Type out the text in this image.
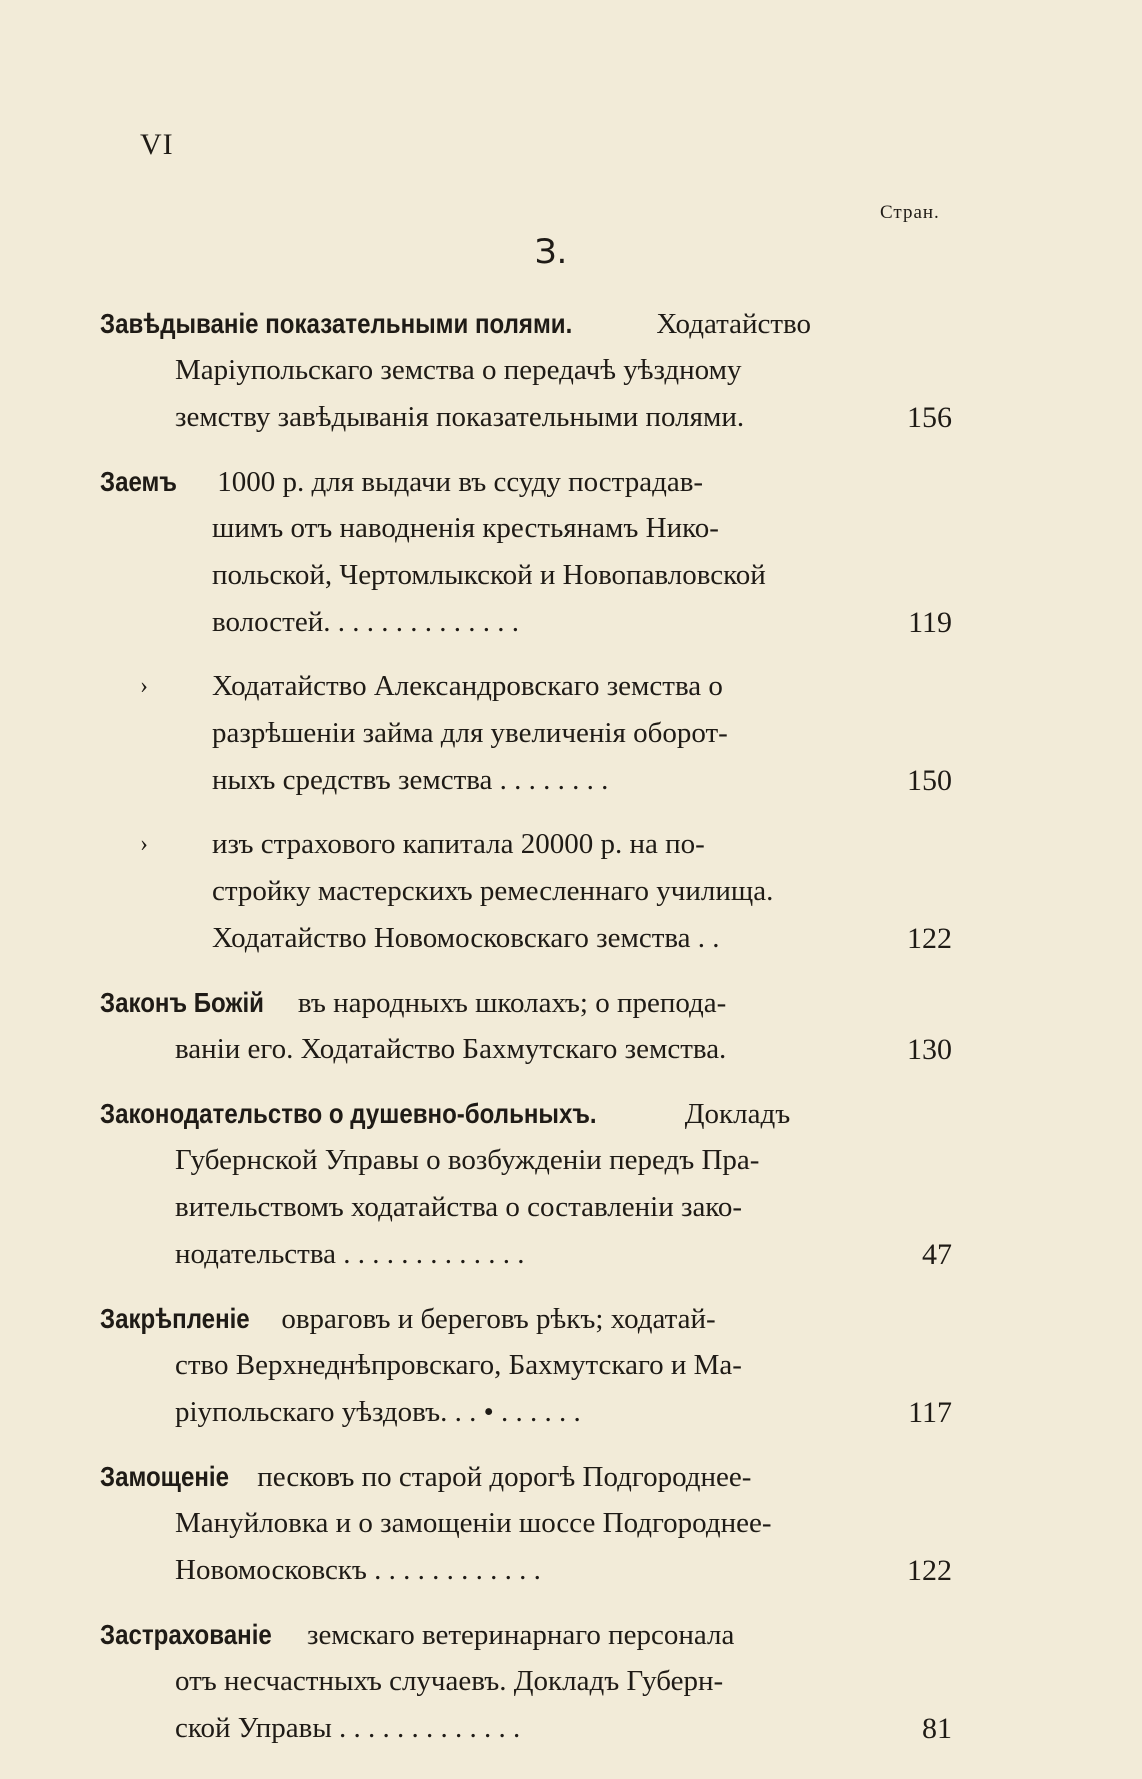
VI
Стран.
З.
Завѣдываніе показательными полями.	Ходатайство
Маріупольскаго земства о передачѣ уѣздному
земству завѣдыванія показательными полями.	156
Заемъ 1000 р. для выдачи въ ссуду пострадав-
шимъ отъ наводненія крестьянамъ Нико-
польской, Чертомлыкской и Новопавловской
волостей. . . . . . . . . . . . . .	119
› Ходатайство Александровскаго земства о
разрѣшеніи займа для увеличенія оборот-
ныхъ средствъ земства . . . . . . . .	150
› изъ страхового капитала 20000 р. на по-
стройку мастерскихъ ремесленнаго училища.
Ходатайство Новомосковскаго земства . .	122
Законъ Божій въ народныхъ школахъ; о препода-
ваніи его. Ходатайство Бахмутскаго земства.	130
Законодательство о душевно-больныхъ.	Докладъ
Губернской Управы о возбужденіи передъ Пра-
вительствомъ ходатайства о составленіи зако-
нодательства . . . . . . . . . . . . .	47
Закрѣпленіе овраговъ и береговъ рѣкъ; ходатай-
ство Верхнеднѣпровскаго, Бахмутскаго и Ма-
ріупольскаго уѣздовъ. . . • . . . . . .	117
Замощеніе песковъ по старой дорогѣ Подгороднее-
Мануйловка и о замощеніи шоссе Подгороднее-
Новомосковскъ . . . . . . . . . . . .	122
Застрахованіе земскаго ветеринарнаго персонала
отъ несчастныхъ случаевъ. Докладъ Губерн-
ской Управы . . . . . . . . . . . . .	81
